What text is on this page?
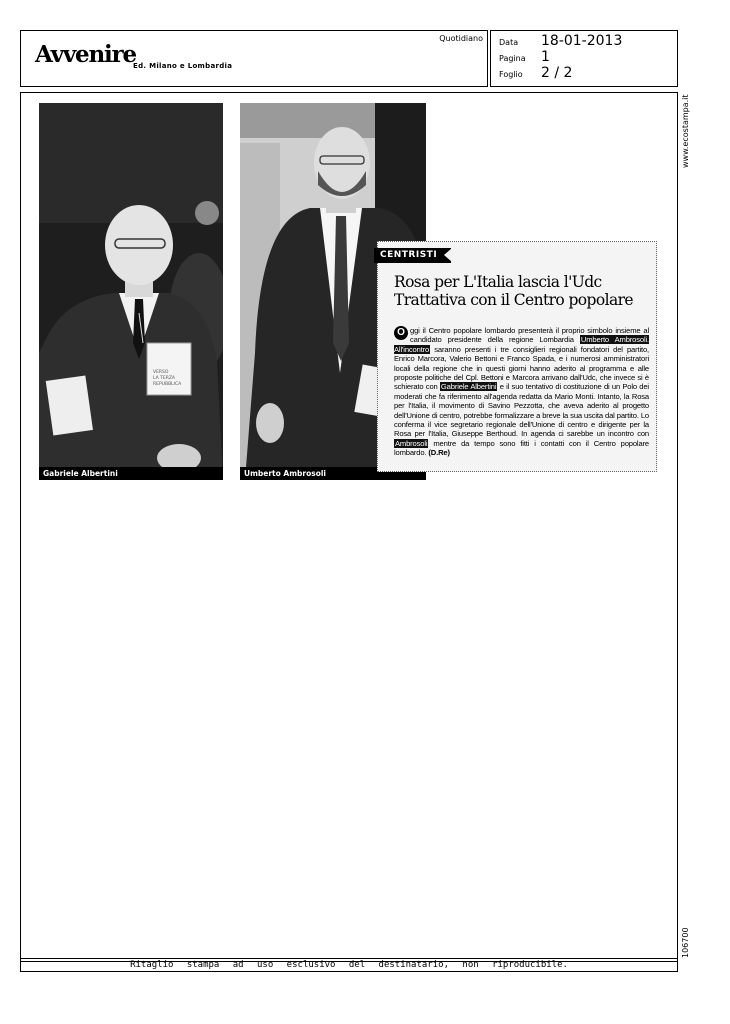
Avvenire
Ed. Milano e Lombardia
Quotidiano Data 18-01-2013
Pagina 1
Foglio 2 / 2
www.ecostampa.it
106700
VERSO
LA TERZA
REPUBBLICA
Gabriele Albertini	Umberto Ambrosoli
CENTRISTI
Rosa per L'Italia lascia l'Udc
Trattativa con il Centro popolare
O ggi il Centro popolare lombardo presenterà il proprio simbolo insieme al candidato presidente della regione Lombardia Umberto Ambrosoli. All'incontro saranno presenti i tre consiglieri regionali fondatori del partito, Enrico Marcora, Valerio Bettoni e Franco Spada, e i numerosi amministratori locali della regione che in questi giorni hanno aderito al programma e alle proposte politiche del Cpl. Bettoni e Marcora arrivano dall'Udc, che invece si è schierato con Gabriele Albertini e il suo tentativo di costituzione di un Polo dei moderati che fa riferimento all'agenda redatta da Mario Monti. Intanto, la Rosa per l'Italia, il movimento di Savino Pezzotta, che aveva aderito al progetto dell'Unione di centro, potrebbe formalizzare a breve la sua uscita dal partito. Lo conferma il vice segretario regionale dell'Unione di centro e dirigente per la Rosa per l'Italia, Giuseppe Berthoud. In agenda ci sarebbe un incontro con Ambrosoli mentre da tempo sono fitti i contatti con il Centro popolare lombardo. (D.Re)
Ritaglio stampa ad uso esclusivo del destinatario, non riproducibile.
